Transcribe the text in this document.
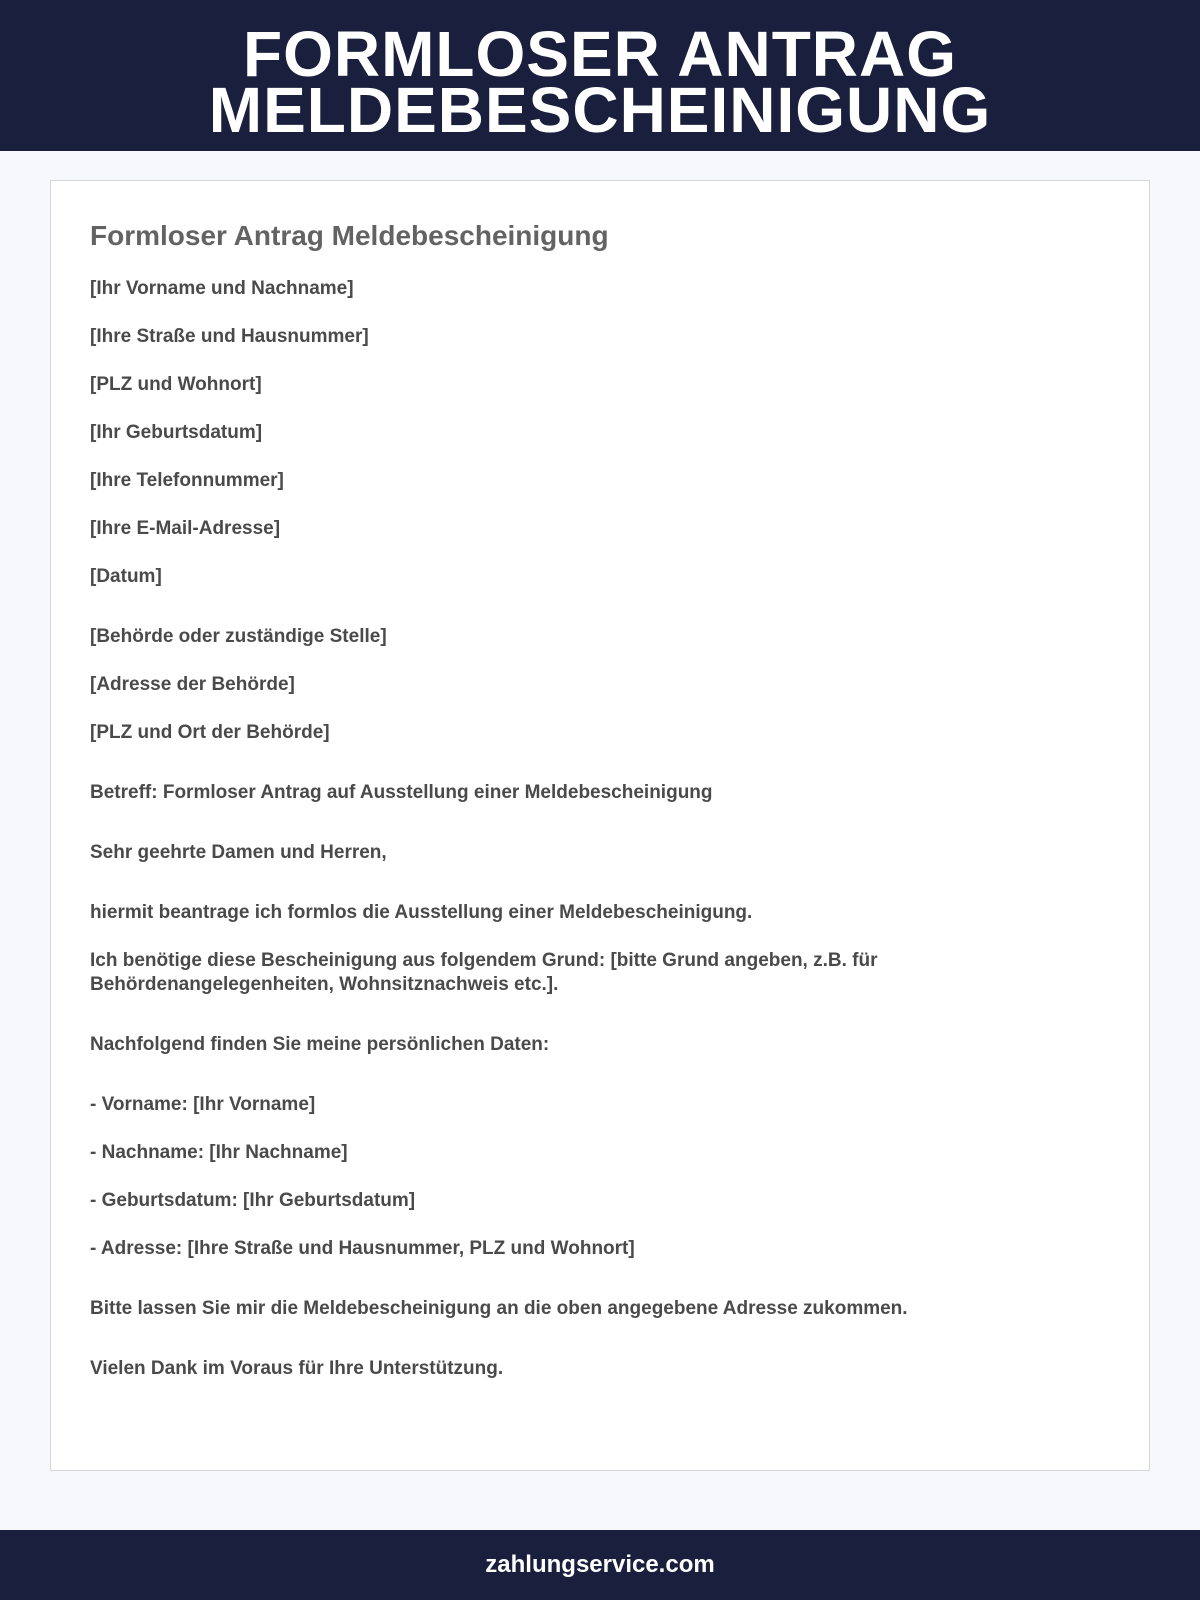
FORMLOSER ANTRAG
MELDEBESCHEINIGUNG
Formloser Antrag Meldebescheinigung

[Ihr Vorname und Nachname]

[Ihre Straße und Hausnummer]

[PLZ und Wohnort]

[Ihr Geburtsdatum]

[Ihre Telefonnummer]

[Ihre E-Mail-Adresse]

[Datum]

[Behörde oder zuständige Stelle]

[Adresse der Behörde]

[PLZ und Ort der Behörde]

Betreff: Formloser Antrag auf Ausstellung einer Meldebescheinigung

Sehr geehrte Damen und Herren,

hiermit beantrage ich formlos die Ausstellung einer Meldebescheinigung.

Ich benötige diese Bescheinigung aus folgendem Grund: [bitte Grund angeben, z.B. für Behördenangelegenheiten, Wohnsitznachweis etc.].

Nachfolgend finden Sie meine persönlichen Daten:

- Vorname: [Ihr Vorname]

- Nachname: [Ihr Nachname]

- Geburtsdatum: [Ihr Geburtsdatum]

- Adresse: [Ihre Straße und Hausnummer, PLZ und Wohnort]

Bitte lassen Sie mir die Meldebescheinigung an die oben angegebene Adresse zukommen.

Vielen Dank im Voraus für Ihre Unterstützung.

zahlungservice.com
